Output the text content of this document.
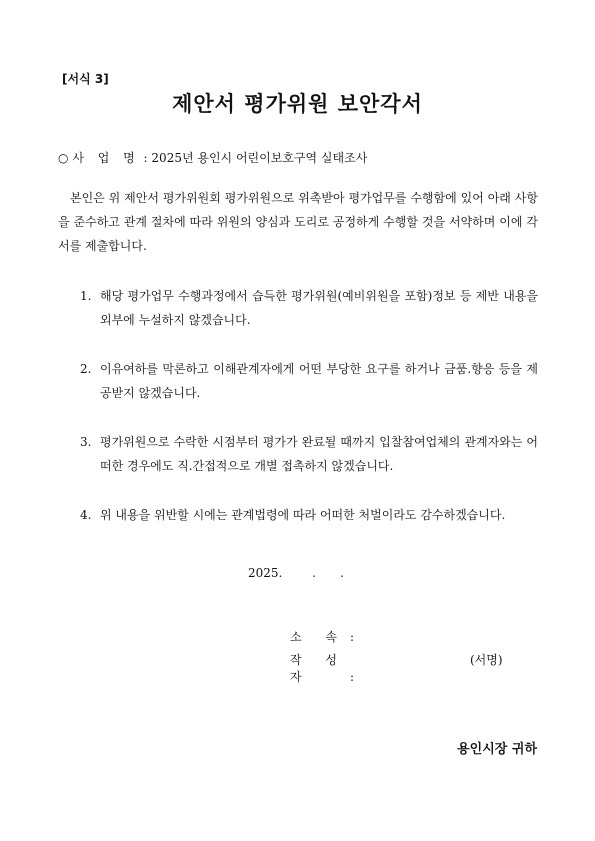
[서식 3]
제안서 평가위원 보안각서
○ 사 업 명 : 2025년 용인시 어린이보호구역 실태조사

본인은 위 제안서 평가위원회 평가위원으로 위촉받아 평가업무를 수행함에 있어 아래 사항을 준수하고 관계 절차에 따라 위원의 양심과 도리로 공정하게 수행할 것을 서약하며 이에 각서를 제출합니다.

1. 해당 평가업무 수행과정에서 습득한 평가위원(예비위원을 포함)정보 등 제반 내용을 외부에 누설하지 않겠습니다.
2. 이유여하를 막론하고 이해관계자에게 어떤 부당한 요구를 하거나 금품.향응 등을 제공받지 않겠습니다.
3. 평가위원으로 수락한 시점부터 평가가 완료될 때까지 입찰참여업체의 관계자와는 어떠한 경우에도 직.간접적으로 개별 접촉하지 않겠습니다.
4. 위 내용을 위반할 시에는 관계법령에 따라 어떠한 처벌이라도 감수하겠습니다.
2025. . .
소 속 :
작 성 자	:
(서명)
용인시장 귀하
